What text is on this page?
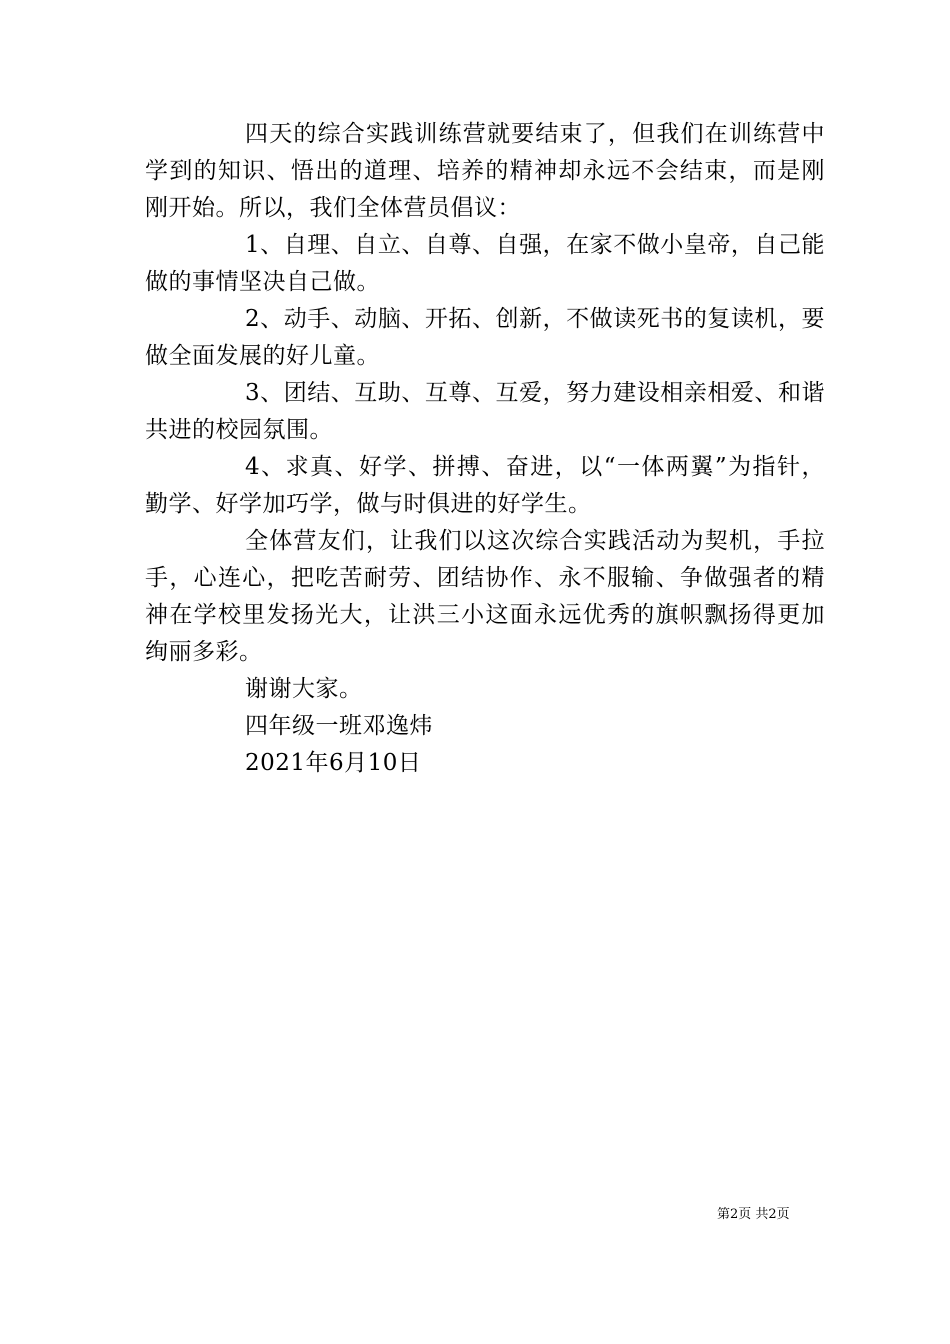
四天的综合实践训练营就要结束了，但我们在训练营中学到的知识、悟出的道理、培养的精神却永远不会结束，而是刚刚开始。所以，我们全体营员倡议：

1、自理、自立、自尊、自强，在家不做小皇帝，自己能做的事情坚决自己做。

2、动手、动脑、开拓、创新，不做读死书的复读机，要做全面发展的好儿童。

3、团结、互助、互尊、互爱，努力建设相亲相爱、和谐共进的校园氛围。

4、求真、好学、拼搏、奋进，以“一体两翼”为指针，勤学、好学加巧学，做与时俱进的好学生。

全体营友们，让我们以这次综合实践活动为契机，手拉手，心连心，把吃苦耐劳、团结协作、永不服输、争做强者的精神在学校里发扬光大，让洪三小这面永远优秀的旗帜飘扬得更加绚丽多彩。

谢谢大家。

四年级一班邓逸炜

2021年6月10日

第2页 共2页
